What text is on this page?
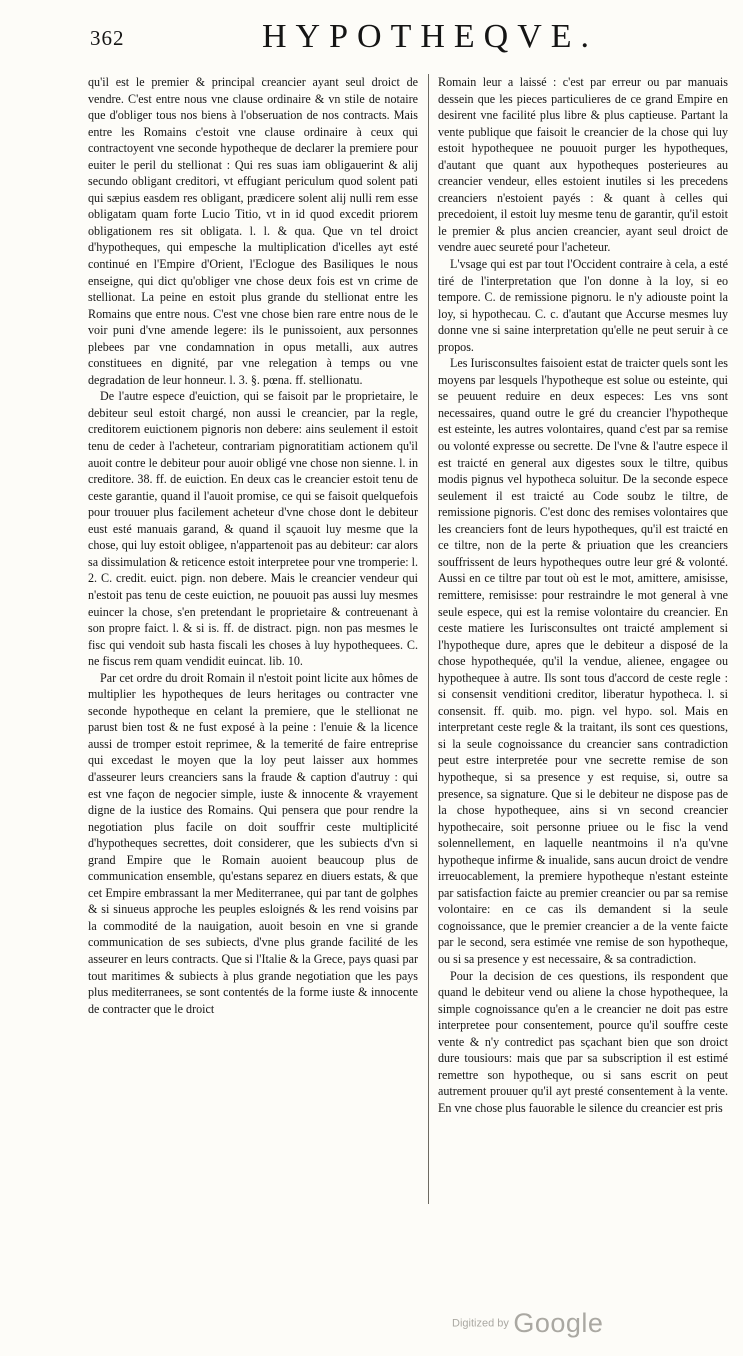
362	HYPOTHEQVE.

qu'il est le premier & principal creancier ayant seul droict de vendre. C'est entre nous vne clause ordinaire & vn stile de notaire que d'obliger tous nos biens à l'obseruation de nos contracts. Mais entre les Romains c'estoit vne clause ordinaire à ceux qui contractoyent vne seconde hypotheque de declarer la premiere pour euiter le peril du stellionat : Qui res suas iam obligauerint & alij secundo obligant creditori, vt effugiant periculum quod solent pati qui sæpius easdem res obligant, prædicere solent alij nulli rem esse obligatam quam forte Lucio Titio, vt in id quod excedit priorem obligationem res sit obligata. l. l. & qua. Que vn tel droict d'hypotheques, qui empesche la multiplication d'icelles ayt esté continué en l'Empire d'Orient, l'Eclogue des Basiliques le nous enseigne, qui dict qu'obliger vne chose deux fois est vn crime de stellionat. La peine en estoit plus grande du stellionat entre les Romains que entre nous. C'est vne chose bien rare entre nous de le voir puni d'vne amende legere: ils le punissoient, aux personnes plebees par vne condamnation in opus metalli, aux autres constituees en dignité, par vne relegation à temps ou vne degradation de leur honneur. l. 3. §. pœna. ff. stellionatu.

De l'autre espece d'euiction, qui se faisoit par le proprietaire, le debiteur seul estoit chargé, non aussi le creancier, par la regle, creditorem euictionem pignoris non debere: ains seulement il estoit tenu de ceder à l'acheteur, contrariam pignoratitiam actionem qu'il auoit contre le debiteur pour auoir obligé vne chose non sienne. l. in creditore. 38. ff. de euiction. En deux cas le creancier estoit tenu de ceste garantie, quand il l'auoit promise, ce qui se faisoit quelquefois pour trouuer plus facilement acheteur d'vne chose dont le debiteur eust esté manuais garand, & quand il sçauoit luy mesme que la chose, qui luy estoit obligee, n'appartenoit pas au debiteur: car alors sa dissimulation & reticence estoit interpretee pour vne tromperie: l. 2. C. credit. euict. pign. non debere. Mais le creancier vendeur qui n'estoit pas tenu de ceste euiction, ne pouuoit pas aussi luy mesmes euincer la chose, s'en pretendant le proprietaire & contreuenant à son propre faict. l. & si is. ff. de distract. pign. non pas mesmes le fisc qui vendoit sub hasta fiscali les choses à luy hypothequees. C. ne fiscus rem quam vendidit euincat. lib. 10.

Par cet ordre du droit Romain il n'estoit point licite aux hômes de multiplier les hypotheques de leurs heritages ou contracter vne seconde hypotheque en celant la premiere, que le stellionat ne parust bien tost & ne fust exposé à la peine : l'enuie & la licence aussi de tromper estoit reprimee, & la temerité de faire entreprise qui excedast le moyen que la loy peut laisser aux hommes d'asseurer leurs creanciers sans la fraude & caption d'autruy : qui est vne façon de negocier simple, iuste & innocente & vrayement digne de la iustice des Romains. Qui pensera que pour rendre la negotiation plus facile on doit souffrir ceste multiplicité d'hypotheques secrettes, doit considerer, que les subiects d'vn si grand Empire que le Romain auoient beaucoup plus de communication ensemble, qu'estans separez en diuers estats, & que cet Empire embrassant la mer Mediterranee, qui par tant de golphes & si sinueus approche les peuples esloignés & les rend voisins par la commodité de la nauigation, auoit besoin en vne si grande communication de ses subiects, d'vne plus grande facilité de les asseurer en leurs contracts. Que si l'Italie & la Grece, pays quasi par tout maritimes & subiects à plus grande negotiation que les pays plus mediterranees, se sont contentés de la forme iuste & innocente de contracter que le droict

Romain leur a laissé : c'est par erreur ou par manuais dessein que les pieces particulieres de ce grand Empire en desirent vne facilité plus libre & plus captieuse. Partant la vente publique que faisoit le creancier de la chose qui luy estoit hypothequee ne pouuoit purger les hypotheques, d'autant que quant aux hypotheques posterieures au creancier vendeur, elles estoient inutiles si les precedens creanciers n'estoient payés : & quant à celles qui precedoient, il estoit luy mesme tenu de garantir, qu'il estoit le premier & plus ancien creancier, ayant seul droict de vendre auec seureté pour l'acheteur.

L'vsage qui est par tout l'Occident contraire à cela, a esté tiré de l'interpretation que l'on donne à la loy, si eo tempore. C. de remissione pignoru. le n'y adiouste point la loy, si hypothecau. C. c. d'autant que Accurse mesmes luy donne vne si saine interpretation qu'elle ne peut seruir à ce propos.

Les Iurisconsultes faisoient estat de traicter quels sont les moyens par lesquels l'hypotheque est solue ou esteinte, qui se peuuent reduire en deux especes: Les vns sont necessaires, quand outre le gré du creancier l'hypotheque est esteinte, les autres volontaires, quand c'est par sa remise ou volonté expresse ou secrette. De l'vne & l'autre espece il est traicté en general aux digestes soux le tiltre, quibus modis pignus vel hypotheca soluitur. De la seconde espece seulement il est traicté au Code soubz le tiltre, de remissione pignoris. C'est donc des remises volontaires que les creanciers font de leurs hypotheques, qu'il est traicté en ce tiltre, non de la perte & priuation que les creanciers souffrissent de leurs hypotheques outre leur gré & volonté. Aussi en ce tiltre par tout où est le mot, amittere, amisisse, remittere, remisisse: pour restraindre le mot general à vne seule espece, qui est la remise volontaire du creancier. En ceste matiere les Iurisconsultes ont traicté amplement si l'hypotheque dure, apres que le debiteur a disposé de la chose hypothequée, qu'il la vendue, alienee, engagee ou hypothequee à autre. Ils sont tous d'accord de ceste regle : si consensit venditioni creditor, liberatur hypotheca. l. si consensit. ff. quib. mo. pign. vel hypo. sol. Mais en interpretant ceste regle & la traitant, ils sont ces questions, si la seule cognoissance du creancier sans contradiction peut estre interpretée pour vne secrette remise de son hypotheque, si sa presence y est requise, si, outre sa presence, sa signature. Que si le debiteur ne dispose pas de la chose hypothequee, ains si vn second creancier hypothecaire, soit personne priuee ou le fisc la vend solennellement, en laquelle neantmoins il n'a qu'vne hypotheque infirme & inualide, sans aucun droict de vendre irreuocablement, la premiere hypotheque n'estant esteinte par satisfaction faicte au premier creancier ou par sa remise volontaire: en ce cas ils demandent si la seule cognoissance, que le premier creancier a de la vente faicte par le second, sera estimée vne remise de son hypotheque, ou si sa presence y est necessaire, & sa contradiction.

Pour la decision de ces questions, ils respondent que quand le debiteur vend ou aliene la chose hypothequee, la simple cognoissance qu'en a le creancier ne doit pas estre interpretee pour consentement, pource qu'il souffre ceste vente & n'y contredict pas sçachant bien que son droict dure tousiours: mais que par sa subscription il est estimé remettre son hypotheque, ou si sans escrit on peut autrement prouuer qu'il ayt presté consentement à la vente. En vne chose plus fauorable le silence du creancier est pris

Digitized by Google
